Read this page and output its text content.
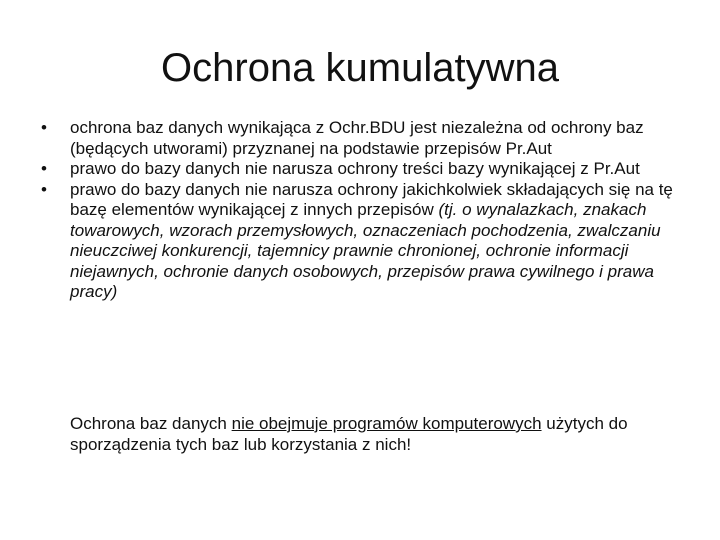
Ochrona kumulatywna
• ochrona baz danych wynikająca z Ochr.BDU jest niezależna od ochrony baz (będących utworami) przyznanej na podstawie przepisów Pr.Aut
• prawo do bazy danych nie narusza ochrony treści bazy wynikającej z Pr.Aut
• prawo do bazy danych nie narusza ochrony jakichkolwiek składających się na tę bazę elementów wynikającej z innych przepisów (tj. o wynalazkach, znakach towarowych, wzorach przemysłowych, oznaczeniach pochodzenia, zwalczaniu nieuczciwej konkurencji, tajemnicy prawnie chronionej, ochronie informacji niejawnych, ochronie danych osobowych, przepisów prawa cywilnego i prawa pracy)

Ochrona baz danych nie obejmuje programów komputerowych użytych do sporządzenia tych baz lub korzystania z nich!
